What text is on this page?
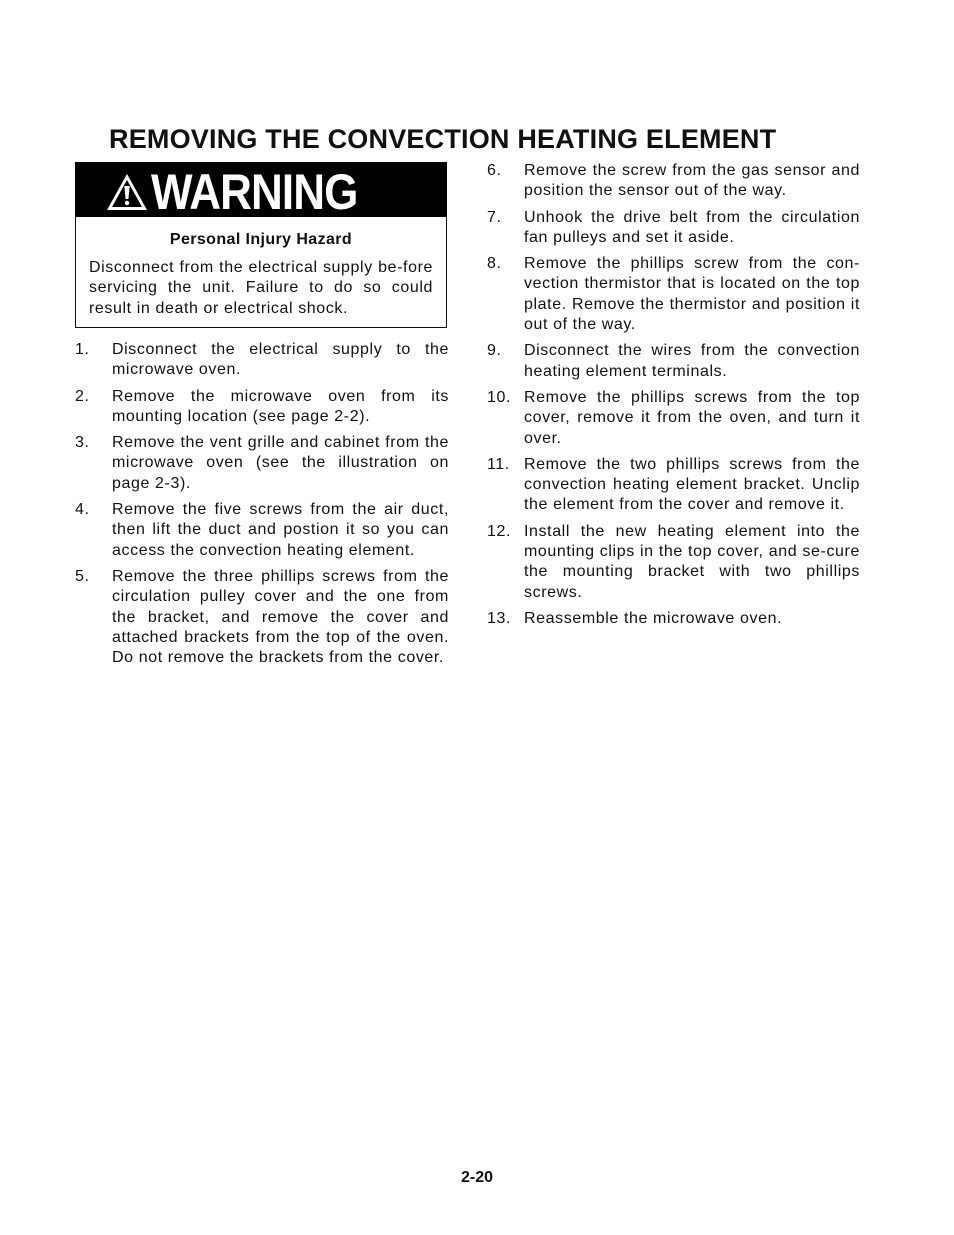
REMOVING THE CONVECTION HEATING ELEMENT
WARNING
Personal Injury Hazard
Disconnect from the electrical supply be-fore servicing the unit. Failure to do so could result in death or electrical shock.
1. Disconnect the electrical supply to the microwave oven.
2. Remove the microwave oven from its mounting location (see page 2-2).
3. Remove the vent grille and cabinet from the microwave oven (see the illustration on page 2-3).
4. Remove the five screws from the air duct, then lift the duct and postion it so you can access the convection heating element.
5. Remove the three phillips screws from the circulation pulley cover and the one from the bracket, and remove the cover and attached brackets from the top of the oven. Do not remove the brackets from the cover.
6. Remove the screw from the gas sensor and position the sensor out of the way.
7. Unhook the drive belt from the circulation fan pulleys and set it aside.
8. Remove the phillips screw from the con-vection thermistor that is located on the top plate. Remove the thermistor and position it out of the way.
9. Disconnect the wires from the convection heating element terminals.
10. Remove the phillips screws from the top cover, remove it from the oven, and turn it over.
11. Remove the two phillips screws from the convection heating element bracket. Unclip the element from the cover and remove it.
12. Install the new heating element into the mounting clips in the top cover, and se-cure the mounting bracket with two phillips screws.
13. Reassemble the microwave oven.
2-20
